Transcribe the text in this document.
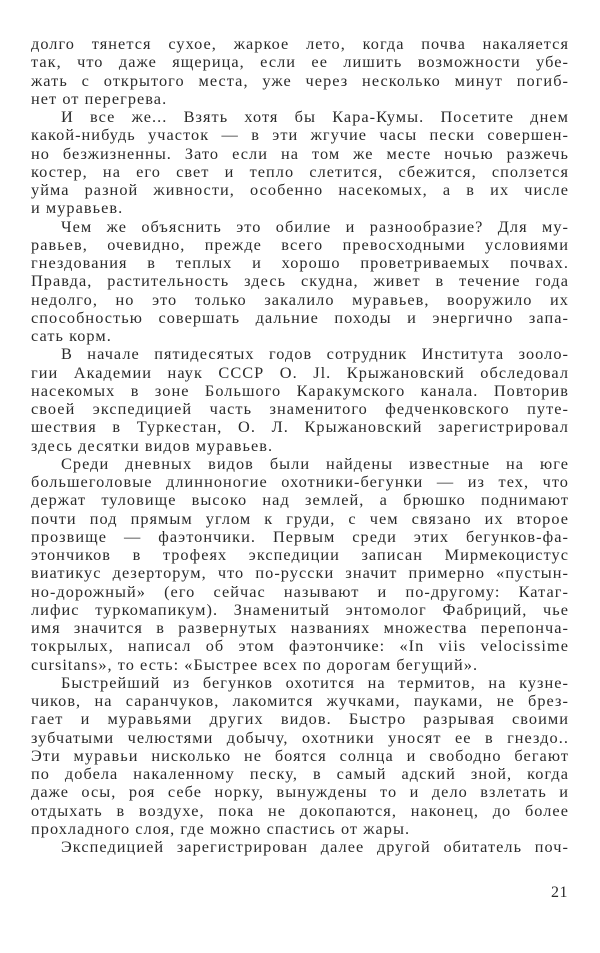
долго тянется сухое, жаркое лето, когда почва накаляется
так, что даже ящерица, если ее лишить возможности убе-
жать с открытого места, уже через несколько минут погиб-
нет от перегрева.
И все же... Взять хотя бы Кара-Кумы. Посетите днем
какой-нибудь участок — в эти жгучие часы пески совершен-
но безжизненны. Зато если на том же месте ночью разжечь
костер, на его свет и тепло слетится, сбежится, сползется
уйма разной живности, особенно насекомых, а в их числе
и муравьев.
Чем же объяснить это обилие и разнообразие? Для му-
равьев, очевидно, прежде всего превосходными условиями
гнездования в теплых и хорошо проветриваемых почвах.
Правда, растительность здесь скудна, живет в течение года
недолго, но это только закалило муравьев, вооружило их
способностью совершать дальние походы и энергично запа-
сать корм.
В начале пятидесятых годов сотрудник Института зооло-
гии Академии наук СССР О. Jl. Крыжановский обследовал
насекомых в зоне Большого Каракумского канала. Повторив
своей экспедицией часть знаменитого федченковского путе-
шествия в Туркестан, О. Л. Крыжановский зарегистрировал
здесь десятки видов муравьев.
Среди дневных видов были найдены известные на юге
большеголовые длинноногие охотники-бегунки — из тех, что
держат туловище высоко над землей, а брюшко поднимают
почти под прямым углом к груди, с чем связано их второе
прозвище — фаэтончики. Первым среди этих бегунков-фа-
этончиков в трофеях экспедиции записан Мирмекоцистус
виатикус дезерторум, что по-русски значит примерно «пустын-
но-дорожный» (его сейчас называют и по-другому: Катаг-
лифис туркомапикум). Знаменитый энтомолог Фабриций, чье
имя значится в развернутых названиях множества перепонча-
токрылых, написал об этом фаэтончике: «In viis velocissime
cursitans», то есть: «Быстрее всех по дорогам бегущий».
Быстрейший из бегунков охотится на термитов, на кузне-
чиков, на саранчуков, лакомится жучками, пауками, не брез-
гает и муравьями других видов. Быстро разрывая своими
зубчатыми челюстями добычу, охотники уносят ее в гнездо..
Эти муравьи нисколько не боятся солнца и свободно бегают
по добела накаленному песку, в самый адский зной, когда
даже осы, роя себе норку, вынуждены то и дело взлетать и
отдыхать в воздухе, пока не докопаются, наконец, до более
прохладного слоя, где можно спастись от жары.
Экспедицией зарегистрирован далее другой обитатель поч-
21
